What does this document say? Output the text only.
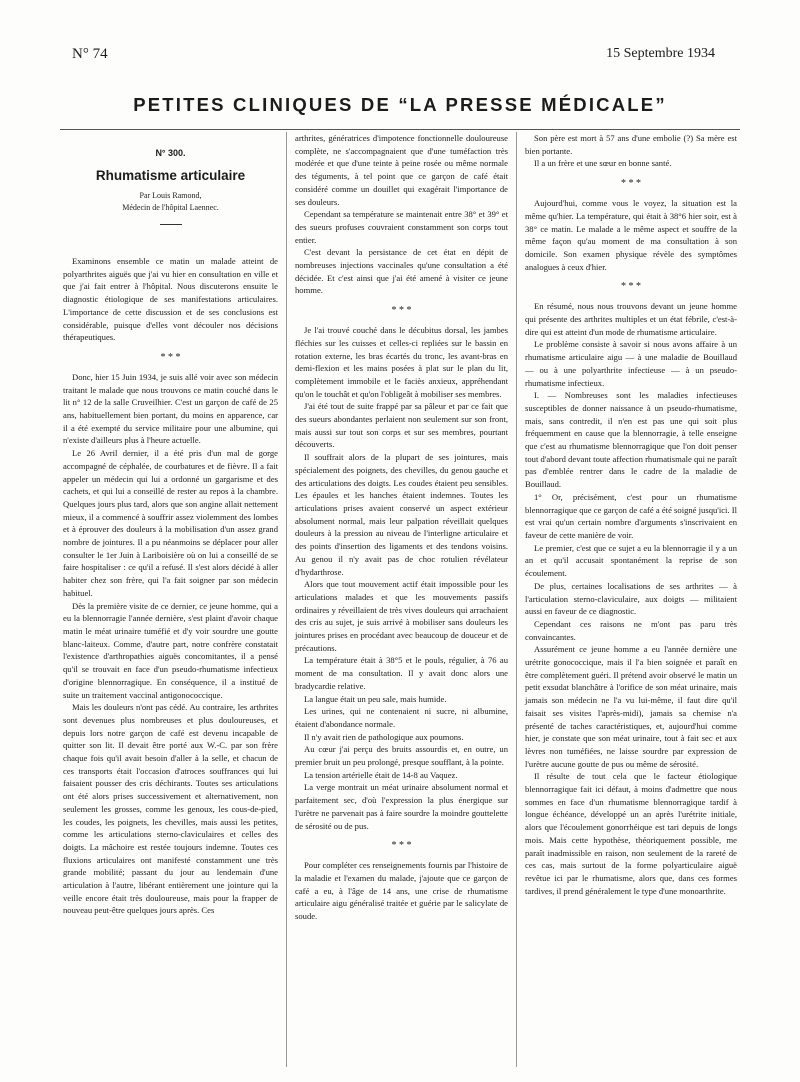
N° 74	15 Septembre 1934
PETITES CLINIQUES DE “LA PRESSE MÉDICALE”
N° 300.
Rhumatisme articulaire
Par Louis Ramond,
Médecin de l'hôpital Laennec.

Examinons ensemble ce matin un malade atteint de polyarthrites aiguës que j'ai vu hier en consultation en ville et que j'ai fait entrer à l'hôpital. Nous discuterons ensuite le diagnostic étiologique de ses manifestations articulaires. L'importance de cette discussion et de ses conclusions est considérable, puisque d'elles vont découler nos décisions thérapeutiques.

* * *

Donc, hier 15 Juin 1934, je suis allé voir avec son médecin traitant le malade que nous trouvons ce matin couché dans le lit n° 12 de la salle Cruveilhier. C'est un garçon de café de 25 ans, habituellement bien portant, du moins en apparence, car il a été exempté du service militaire pour une albumine, qui n'existe d'ailleurs plus à l'heure actuelle.

Le 26 Avril dernier, il a été pris d'un mal de gorge accompagné de céphalée, de courbatures et de fièvre. Il a fait appeler un médecin qui lui a ordonné un gargarisme et des cachets, et qui lui a conseillé de rester au repos à la chambre. Quelques jours plus tard, alors que son angine allait nettement mieux, il a commencé à souffrir assez violemment des lombes et à éprouver des douleurs à la mobilisation d'un assez grand nombre de jointures. Il a pu néanmoins se déplacer pour aller consulter le 1er Juin à Lariboisière où on lui a conseillé de se faire hospitaliser : ce qu'il a refusé. Il s'est alors décidé à aller habiter chez son frère, qui l'a fait soigner par son médecin habituel.

Dès la première visite de ce dernier, ce jeune homme, qui a eu la blennorragie l'année dernière, s'est plaint d'avoir chaque matin le méat urinaire tuméfié et d'y voir sourdre une goutte blanc-laiteux. Comme, d'autre part, notre confrère constatait l'existence d'arthropathies aiguës concomitantes, il a pensé qu'il se trouvait en face d'un pseudo-rhumatisme infectieux d'origine blennorragique. En conséquence, il a institué de suite un traitement vaccinal antigonococcique.

Mais les douleurs n'ont pas cédé. Au contraire, les arthrites sont devenues plus nombreuses et plus douloureuses, et depuis lors notre garçon de café est devenu incapable de quitter son lit. Il devait être porté aux W.-C. par son frère chaque fois qu'il avait besoin d'aller à la selle, et chacun de ces transports était l'occasion d'atroces souffrances qui lui faisaient pousser des cris déchirants. Toutes ses articulations ont été alors prises successivement et alternativement, non seulement les grosses, comme les genoux, les cous-de-pied, les coudes, les poignets, les chevilles, mais aussi les petites, comme les articulations sterno-claviculaires et celles des doigts. La mâchoire est restée toujours indemne. Toutes ces fluxions articulaires ont manifesté constamment une très grande mobilité; passant du jour au lendemain d'une articulation à l'autre, libérant entièrement une jointure qui la veille encore était très douloureuse, mais pour la frapper de nouveau peut-être quelques jours après. Ces

arthrites, génératrices d'impotence fonctionnelle douloureuse complète, ne s'accompagnaient que d'une tuméfaction très modérée et que d'une teinte à peine rosée ou même normale des téguments, à tel point que ce garçon de café était considéré comme un douillet qui exagérait l'importance de ses douleurs.

Cependant sa température se maintenait entre 38° et 39° et des sueurs profuses couvraient constamment son corps tout entier.

C'est devant la persistance de cet état en dépit de nombreuses injections vaccinales qu'une consultation a été décidée. Et c'est ainsi que j'ai été amené à visiter ce jeune homme.

* * *

Je l'ai trouvé couché dans le décubitus dorsal, les jambes fléchies sur les cuisses et celles-ci repliées sur le bassin en rotation externe, les bras écartés du tronc, les avant-bras en demi-flexion et les mains posées à plat sur le plan du lit, complètement immobile et le faciès anxieux, appréhendant qu'on le touchât et qu'on l'obligeât à mobiliser ses membres.

J'ai été tout de suite frappé par sa pâleur et par ce fait que des sueurs abondantes perlaient non seulement sur son front, mais aussi sur tout son corps et sur ses membres, pourtant découverts.

Il souffrait alors de la plupart de ses jointures, mais spécialement des poignets, des chevilles, du genou gauche et des articulations des doigts. Les coudes étaient peu sensibles. Les épaules et les hanches étaient indemnes. Toutes les articulations prises avaient conservé un aspect extérieur absolument normal, mais leur palpation réveillait quelques douleurs à la pression au niveau de l'interligne articulaire et des points d'insertion des ligaments et des tendons voisins. Au genou il n'y avait pas de choc rotulien révélateur d'hydarthrose.

Alors que tout mouvement actif était impossible pour les articulations malades et que les mouvements passifs ordinaires y réveillaient de très vives douleurs qui arrachaient des cris au sujet, je suis arrivé à mobiliser sans douleurs les jointures prises en procédant avec beaucoup de douceur et de précautions.

La température était à 38°5 et le pouls, régulier, à 76 au moment de ma consultation. Il y avait donc alors une bradycardie relative.

La langue était un peu sale, mais humide.

Les urines, qui ne contenaient ni sucre, ni albumine, étaient d'abondance normale.

Il n'y avait rien de pathologique aux poumons.

Au cœur j'ai perçu des bruits assourdis et, en outre, un premier bruit un peu prolongé, presque soufflant, à la pointe.

La tension artérielle était de 14-8 au Vaquez.

La verge montrait un méat urinaire absolument normal et parfaitement sec, d'où l'expression la plus énergique sur l'urètre ne parvenait pas à faire sourdre la moindre gouttelette de sérosité ou de pus.

* * *

Pour compléter ces renseignements fournis par l'histoire de la maladie et l'examen du malade, j'ajoute que ce garçon de café a eu, à l'âge de 14 ans, une crise de rhumatisme articulaire aigu généralisé traitée et guérie par le salicylate de soude.

Son père est mort à 57 ans d'une embolie (?) Sa mère est bien portante.

Il a un frère et une sœur en bonne santé.

* * *

Aujourd'hui, comme vous le voyez, la situation est la même qu'hier. La température, qui était à 38°6 hier soir, est à 38° ce matin. Le malade a le même aspect et souffre de la même façon qu'au moment de ma consultation à son domicile. Son examen physique révèle des symptômes analogues à ceux d'hier.

* * *

En résumé, nous nous trouvons devant un jeune homme qui présente des arthrites multiples et un état fébrile, c'est-à-dire qui est atteint d'un mode de rhumatisme articulaire.

Le problème consiste à savoir si nous avons affaire à un rhumatisme articulaire aigu — à une maladie de Bouillaud — ou à une polyarthrite infectieuse — à un pseudo-rhumatisme infectieux.

I. — Nombreuses sont les maladies infectieuses susceptibles de donner naissance à un pseudo-rhumatisme, mais, sans contredit, il n'en est pas une qui soit plus fréquemment en cause que la blennorragie, à telle enseigne que c'est au rhumatisme blennorragique que l'on doit penser tout d'abord devant toute affection rhumatismale qui ne paraît pas d'emblée rentrer dans le cadre de la maladie de Bouillaud.

1° Or, précisément, c'est pour un rhumatisme blennorragique que ce garçon de café a été soigné jusqu'ici. Il est vrai qu'un certain nombre d'arguments s'inscrivaient en faveur de cette manière de voir.

Le premier, c'est que ce sujet a eu la blennorragie il y a un an et qu'il accusait spontanément la reprise de son écoulement.

De plus, certaines localisations de ses arthrites — à l'articulation sterno-claviculaire, aux doigts — militaient aussi en faveur de ce diagnostic.

Cependant ces raisons ne m'ont pas paru très convaincantes.

Assurément ce jeune homme a eu l'année dernière une urétrite gonococcique, mais il l'a bien soignée et paraît en être complètement guéri. Il prétend avoir observé le matin un petit exsudat blanchâtre à l'orifice de son méat urinaire, mais jamais son médecin ne l'a vu lui-même, il faut dire qu'il faisait ses visites l'après-midi), jamais sa chemise n'a présenté de taches caractéristiques, et, aujourd'hui comme hier, je constate que son méat urinaire, tout à fait sec et aux lèvres non tuméfiées, ne laisse sourdre par expression de l'urètre aucune goutte de pus ou même de sérosité.

Il résulte de tout cela que le facteur étiologique blennorragique fait ici défaut, à moins d'admettre que nous sommes en face d'un rhumatisme blennorragique tardif à longue échéance, développé un an après l'urétrite initiale, alors que l'écoulement gonorrhéique est tari depuis de longs mois. Mais cette hypothèse, théoriquement possible, me paraît inadmissible en raison, non seulement de la rareté de ces cas, mais surtout de la forme polyarticulaire aiguë revêtue ici par le rhumatisme, alors que, dans ces formes tardives, il prend généralement le type d'une monoarthrite.
